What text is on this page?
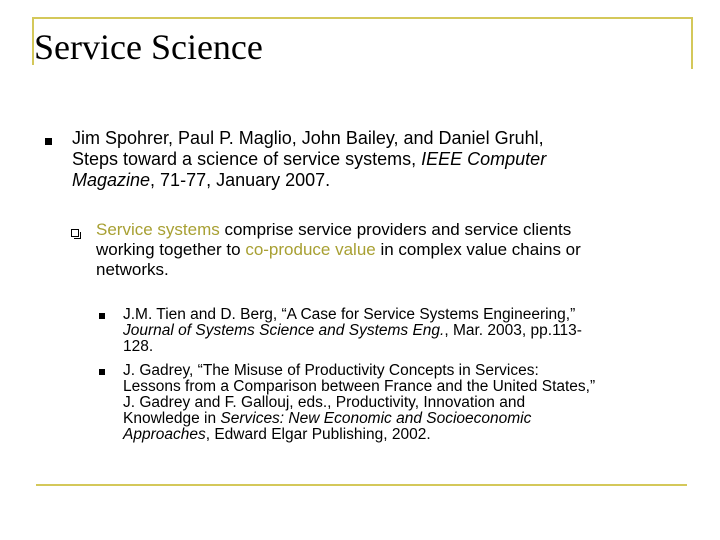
Service Science
Jim Spohrer, Paul P. Maglio, John Bailey, and Daniel Gruhl,
Steps toward a science of service systems, IEEE Computer
Magazine, 71-77, January 2007.
Service systems comprise service providers and service clients
working together to co-produce value in complex value chains or
networks.
J.M. Tien and D. Berg, “A Case for Service Systems Engineering,”
Journal of Systems Science and Systems Eng., Mar. 2003, pp.113-
128.
J. Gadrey, “The Misuse of Productivity Concepts in Services:
Lessons from a Comparison between France and the United States,”
J. Gadrey and F. Gallouj, eds., Productivity, Innovation and
Knowledge in Services: New Economic and Socioeconomic
Approaches, Edward Elgar Publishing, 2002.
